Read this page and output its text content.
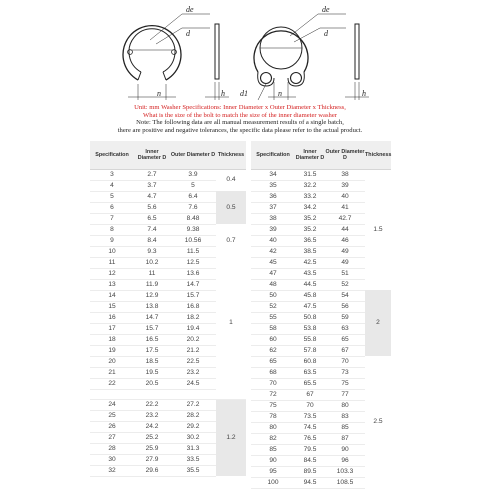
de
d
n	h
de
d
d1	n	h
Unit: mm Washer Specifications: Inner Diameter x Outer Diameter x Thickness,
What is the size of the bolt to match the size of the inner diameter washer
Note: The following data are all manual measurement results of a single batch,
there are positive and negative tolerances, the specific data please refer to the actual product.
Specification	Inner Diameter D	Outer Diameter D	Thickness
3	2.7	3.9	0.4
4	3.7	5	
5	4.7	6.4	0.5
6	5.6	7.6	
7	6.5	8.48	
8	7.4	9.38	0.7
9	8.4	10.56	
10	9.3	11.5	
11	10.2	12.5	1
12	11	13.6	
13	11.9	14.7	
14	12.9	15.7	
15	13.8	16.8	
16	14.7	18.2	
17	15.7	19.4	
18	16.5	20.2	
19	17.5	21.2	
20	18.5	22.5	
21	19.5	23.2	
22	20.5	24.5	

24	22.2	27.2	1.2
25	23.2	28.2	
26	24.2	29.2	
27	25.2	30.2	
28	25.9	31.3	
30	27.9	33.5	
32	29.6	35.5	
Specification	Inner Diameter D	Outer Diameter D	Thickness
34	31.5	38	1.5
35	32.2	39	
36	33.2	40	
37	34.2	41	
38	35.2	42.7	
39	35.2	44	
40	36.5	46	
42	38.5	49	
45	42.5	49	
47	43.5	51	
48	44.5	52	
50	45.8	54	2
52	47.5	56	
55	50.8	59	
58	53.8	63	
60	55.8	65	
62	57.8	67	
65	60.8	70	2.5
68	63.5	73	
70	65.5	75	
72	67	77	
75	70	80	
78	73.5	83	
80	74.5	85	
82	76.5	87	
85	79.5	90	
90	84.5	96	
95	89.5	103.3	
100	94.5	108.5	
